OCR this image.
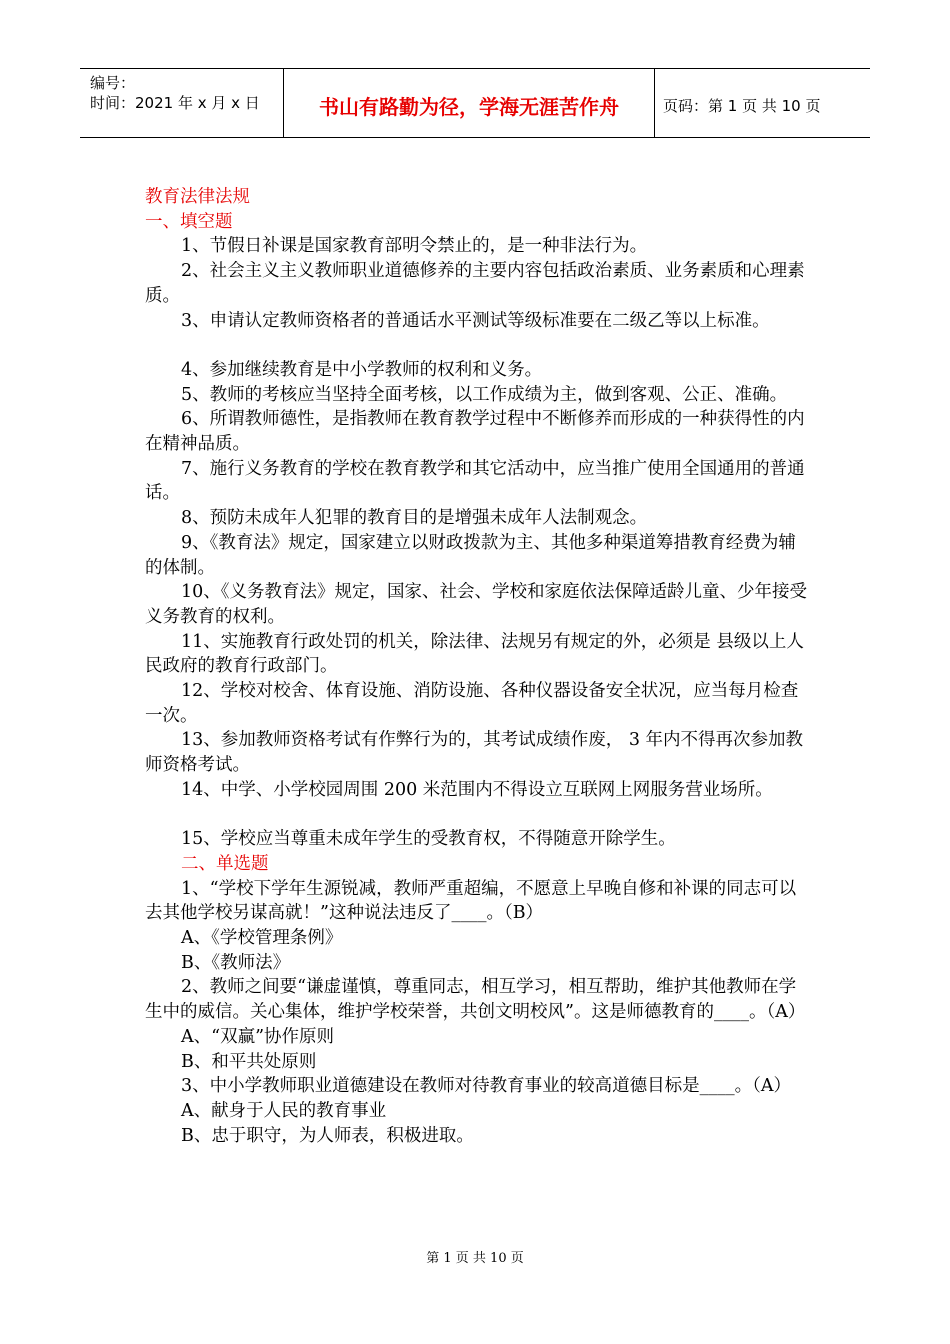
编号：
时间：2021 年 x 月 x 日	书山有路勤为径，学海无涯苦作舟	页码：第 1 页 共 10 页

教育法律法规

一、填空题

1、节假日补课是国家教育部明令禁止的，是一种非法行为。

2、社会主义主义教师职业道德修养的主要内容包括政治素质、业务素质和心理素质。

3、申请认定教师资格者的普通话水平测试等级标准要在二级乙等以上标准。

4、参加继续教育是中小学教师的权利和义务。

5、教师的考核应当坚持全面考核，以工作成绩为主，做到客观、公正、准确。

6、所谓教师德性，是指教师在教育教学过程中不断修养而形成的一种获得性的内在精神品质。

7、施行义务教育的学校在教育教学和其它活动中，应当推广使用全国通用的普通话。

8、预防未成年人犯罪的教育目的是增强未成年人法制观念。

9、《教育法》规定，国家建立以财政拨款为主、其他多种渠道筹措教育经费为辅的体制。

10、《义务教育法》规定，国家、社会、学校和家庭依法保障适龄儿童、少年接受义务教育的权利。

11、实施教育行政处罚的机关，除法律、法规另有规定的外，必须是 县级以上人民政府的教育行政部门。

12、学校对校舍、体育设施、消防设施、各种仪器设备安全状况，应当每月检查一次。

13、参加教师资格考试有作弊行为的，其考试成绩作废， 3 年内不得再次参加教师资格考试。

14、中学、小学校园周围 200 米范围内不得设立互联网上网服务营业场所。

15、学校应当尊重未成年学生的受教育权，不得随意开除学生。

二、单选题

1、“学校下学年生源锐减，教师严重超编，不愿意上早晚自修和补课的同志可以去其他学校另谋高就！”这种说法违反了____。（B）

A、《学校管理条例》

B、《教师法》

2、教师之间要“谦虚谨慎，尊重同志，相互学习，相互帮助，维护其他教师在学生中的威信。关心集体，维护学校荣誉，共创文明校风”。这是师德教育的____。（A）

A、“双赢”协作原则

B、和平共处原则

3、中小学教师职业道德建设在教师对待教育事业的较高道德目标是____。（A）

A、献身于人民的教育事业

B、忠于职守，为人师表，积极进取。

第 1 页 共 10 页
